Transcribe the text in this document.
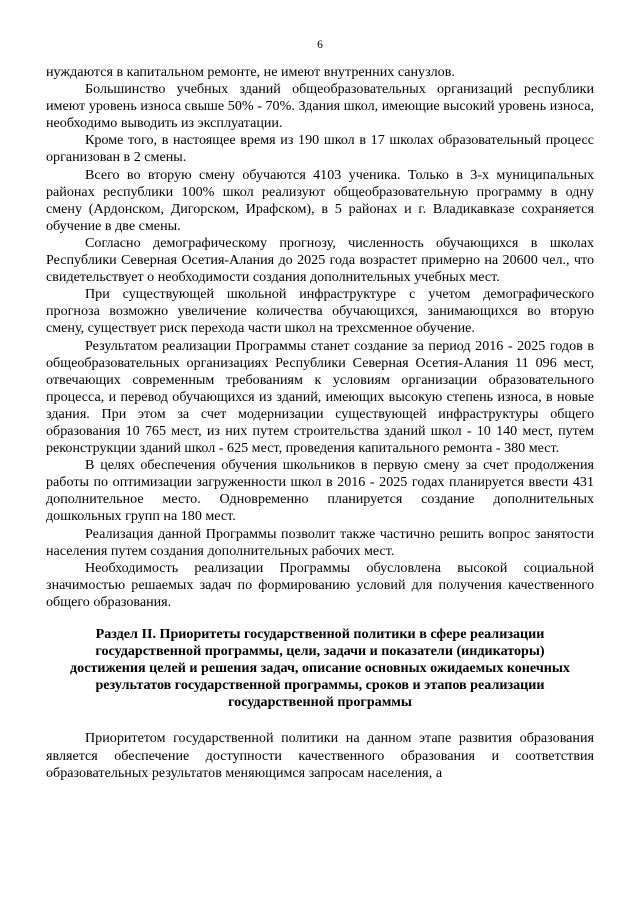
6

нуждаются в капитальном ремонте, не имеют внутренних санузлов.

Большинство учебных зданий общеобразовательных организаций республики имеют уровень износа свыше 50% - 70%. Здания школ, имеющие высокий уровень износа, необходимо выводить из эксплуатации.

Кроме того, в настоящее время из 190 школ в 17 школах образовательный процесс организован в 2 смены.

Всего во вторую смену обучаются 4103 ученика. Только в 3-х муниципальных районах республики 100% школ реализуют общеобразовательную программу в одну смену (Ардонском, Дигорском, Ирафском), в 5 районах и г. Владикавказе сохраняется обучение в две смены.

Согласно демографическому прогнозу, численность обучающихся в школах Республики Северная Осетия-Алания до 2025 года возрастет примерно на 20600 чел., что свидетельствует о необходимости создания дополнительных учебных мест.

При существующей школьной инфраструктуре с учетом демографического прогноза возможно увеличение количества обучающихся, занимающихся во вторую смену, существует риск перехода части школ на трехсменное обучение.

Результатом реализации Программы станет создание за период 2016 - 2025 годов в общеобразовательных организациях Республики Северная Осетия-Алания 11 096 мест, отвечающих современным требованиям к условиям организации образовательного процесса, и перевод обучающихся из зданий, имеющих высокую степень износа, в новые здания. При этом за счет модернизации существующей инфраструктуры общего образования 10 765 мест, из них путем строительства зданий школ - 10 140 мест, путем реконструкции зданий школ - 625 мест, проведения капитального ремонта - 380 мест.

В целях обеспечения обучения школьников в первую смену за счет продолжения работы по оптимизации загруженности школ в 2016 - 2025 годах планируется ввести 431 дополнительное место. Одновременно планируется создание дополнительных дошкольных групп на 180 мест.

Реализация данной Программы позволит также частично решить вопрос занятости населения путем создания дополнительных рабочих мест.

Необходимость реализации Программы обусловлена высокой социальной значимостью решаемых задач по формированию условий для получения качественного общего образования.

Раздел II. Приоритеты государственной политики в сфере реализации государственной программы, цели, задачи и показатели (индикаторы) достижения целей и решения задач, описание основных ожидаемых конечных результатов государственной программы, сроков и этапов реализации государственной программы

Приоритетом государственной политики на данном этапе развития образования является обеспечение доступности качественного образования и соответствия образовательных результатов меняющимся запросам населения, а
